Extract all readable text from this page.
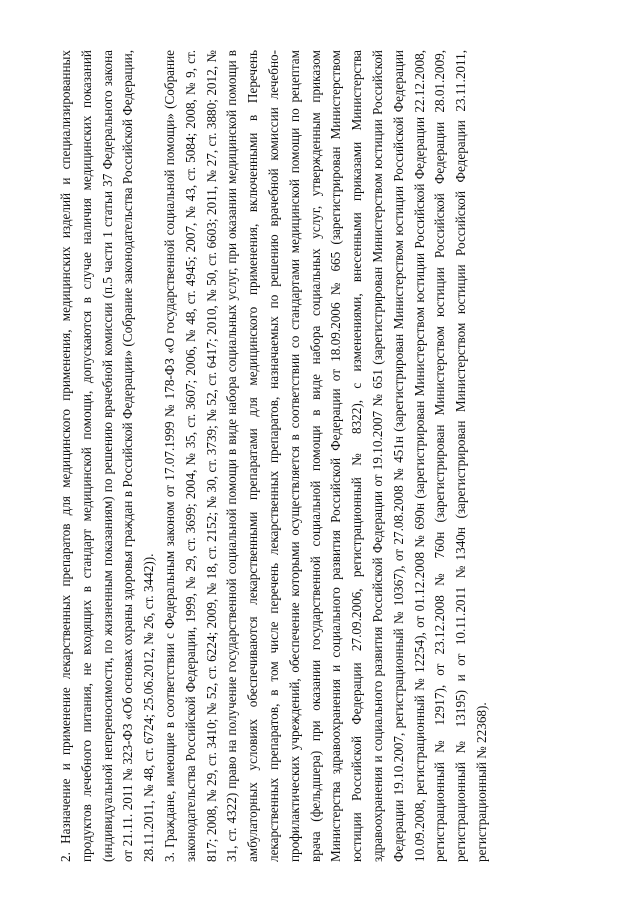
2. Назначение и применение лекарственных препаратов для медицинского применения, медицинских изделий и специализированных продуктов лечебного питания, не входящих в стандарт медицинской помощи, допускаются в случае наличия медицинских показаний (индивидуальной непереносимости, по жизненным показаниям) по решению врачебной комиссии (п.5 части 1 статьи 37 Федерального закона от 21.11. 2011 № 323-ФЗ «Об основах охраны здоровья граждан в Российской Федерации» (Собрание законодательства Российской Федерации, 28.11.2011, № 48, ст. 6724; 25.06.2012, № 26, ст. 3442)). 3. Граждане, имеющие в соответствии с Федеральным законом от 17.07.1999 № 178-ФЗ «О государственной социальной помощи» (Собрание законодательства Российской Федерации, 1999, № 29, ст. 3699; 2004, № 35, ст. 3607; 2006, № 48, ст. 4945; 2007, № 43, ст. 5084; 2008, № 9, ст. 817; 2008, № 29, ст. 3410; № 52, ст. 6224; 2009, № 18, ст. 2152; № 30, ст. 3739; № 52, ст. 6417; 2010, № 50, ст. 6603; 2011, № 27, ст. 3880; 2012, № 31, ст. 4322) право на получение государственной социальной помощи в виде набора социальных услуг, при оказании медицинской помощи в амбулаторных условиях обеспечиваются лекарственными препаратами для медицинского применения, включенными в Перечень лекарственных препаратов, в том числе перечень лекарственных препаратов, назначаемых по решению врачебной комиссии лечебно-профилактических учреждений, обеспечение которыми осуществляется в соответствии со стандартами медицинской помощи по рецептам врача (фельдшера) при оказании государственной социальной помощи в виде набора социальных услуг, утвержденным приказом Министерства здравоохранения и социального развития Российской Федерации от 18.09.2006 № 665 (зарегистрирован Министерством юстиции Российской Федерации 27.09.2006, регистрационный № 8322), с изменениями, внесенными приказами Министерства здравоохранения и социального развития Российской Федерации от 19.10.2007 № 651 (зарегистрирован Министерством юстиции Российской Федерации 19.10.2007, регистрационный № 10367), от 27.08.2008 № 451н (зарегистрирован Министерством юстиции Российской Федерации 10.09.2008, регистрационный № 12254), от 01.12.2008 № 690н (зарегистрирован Министерством юстиции Российской Федерации 22.12.2008, регистрационный № 12917), от 23.12.2008 № 760н (зарегистрирован Министерством юстиции Российской Федерации 28.01.2009, регистрационный № 13195) и от 10.11.2011 №1340н (зарегистрирован Министерством юстиции Российской Федерации 23.11.2011, регистрационный № 22368).
